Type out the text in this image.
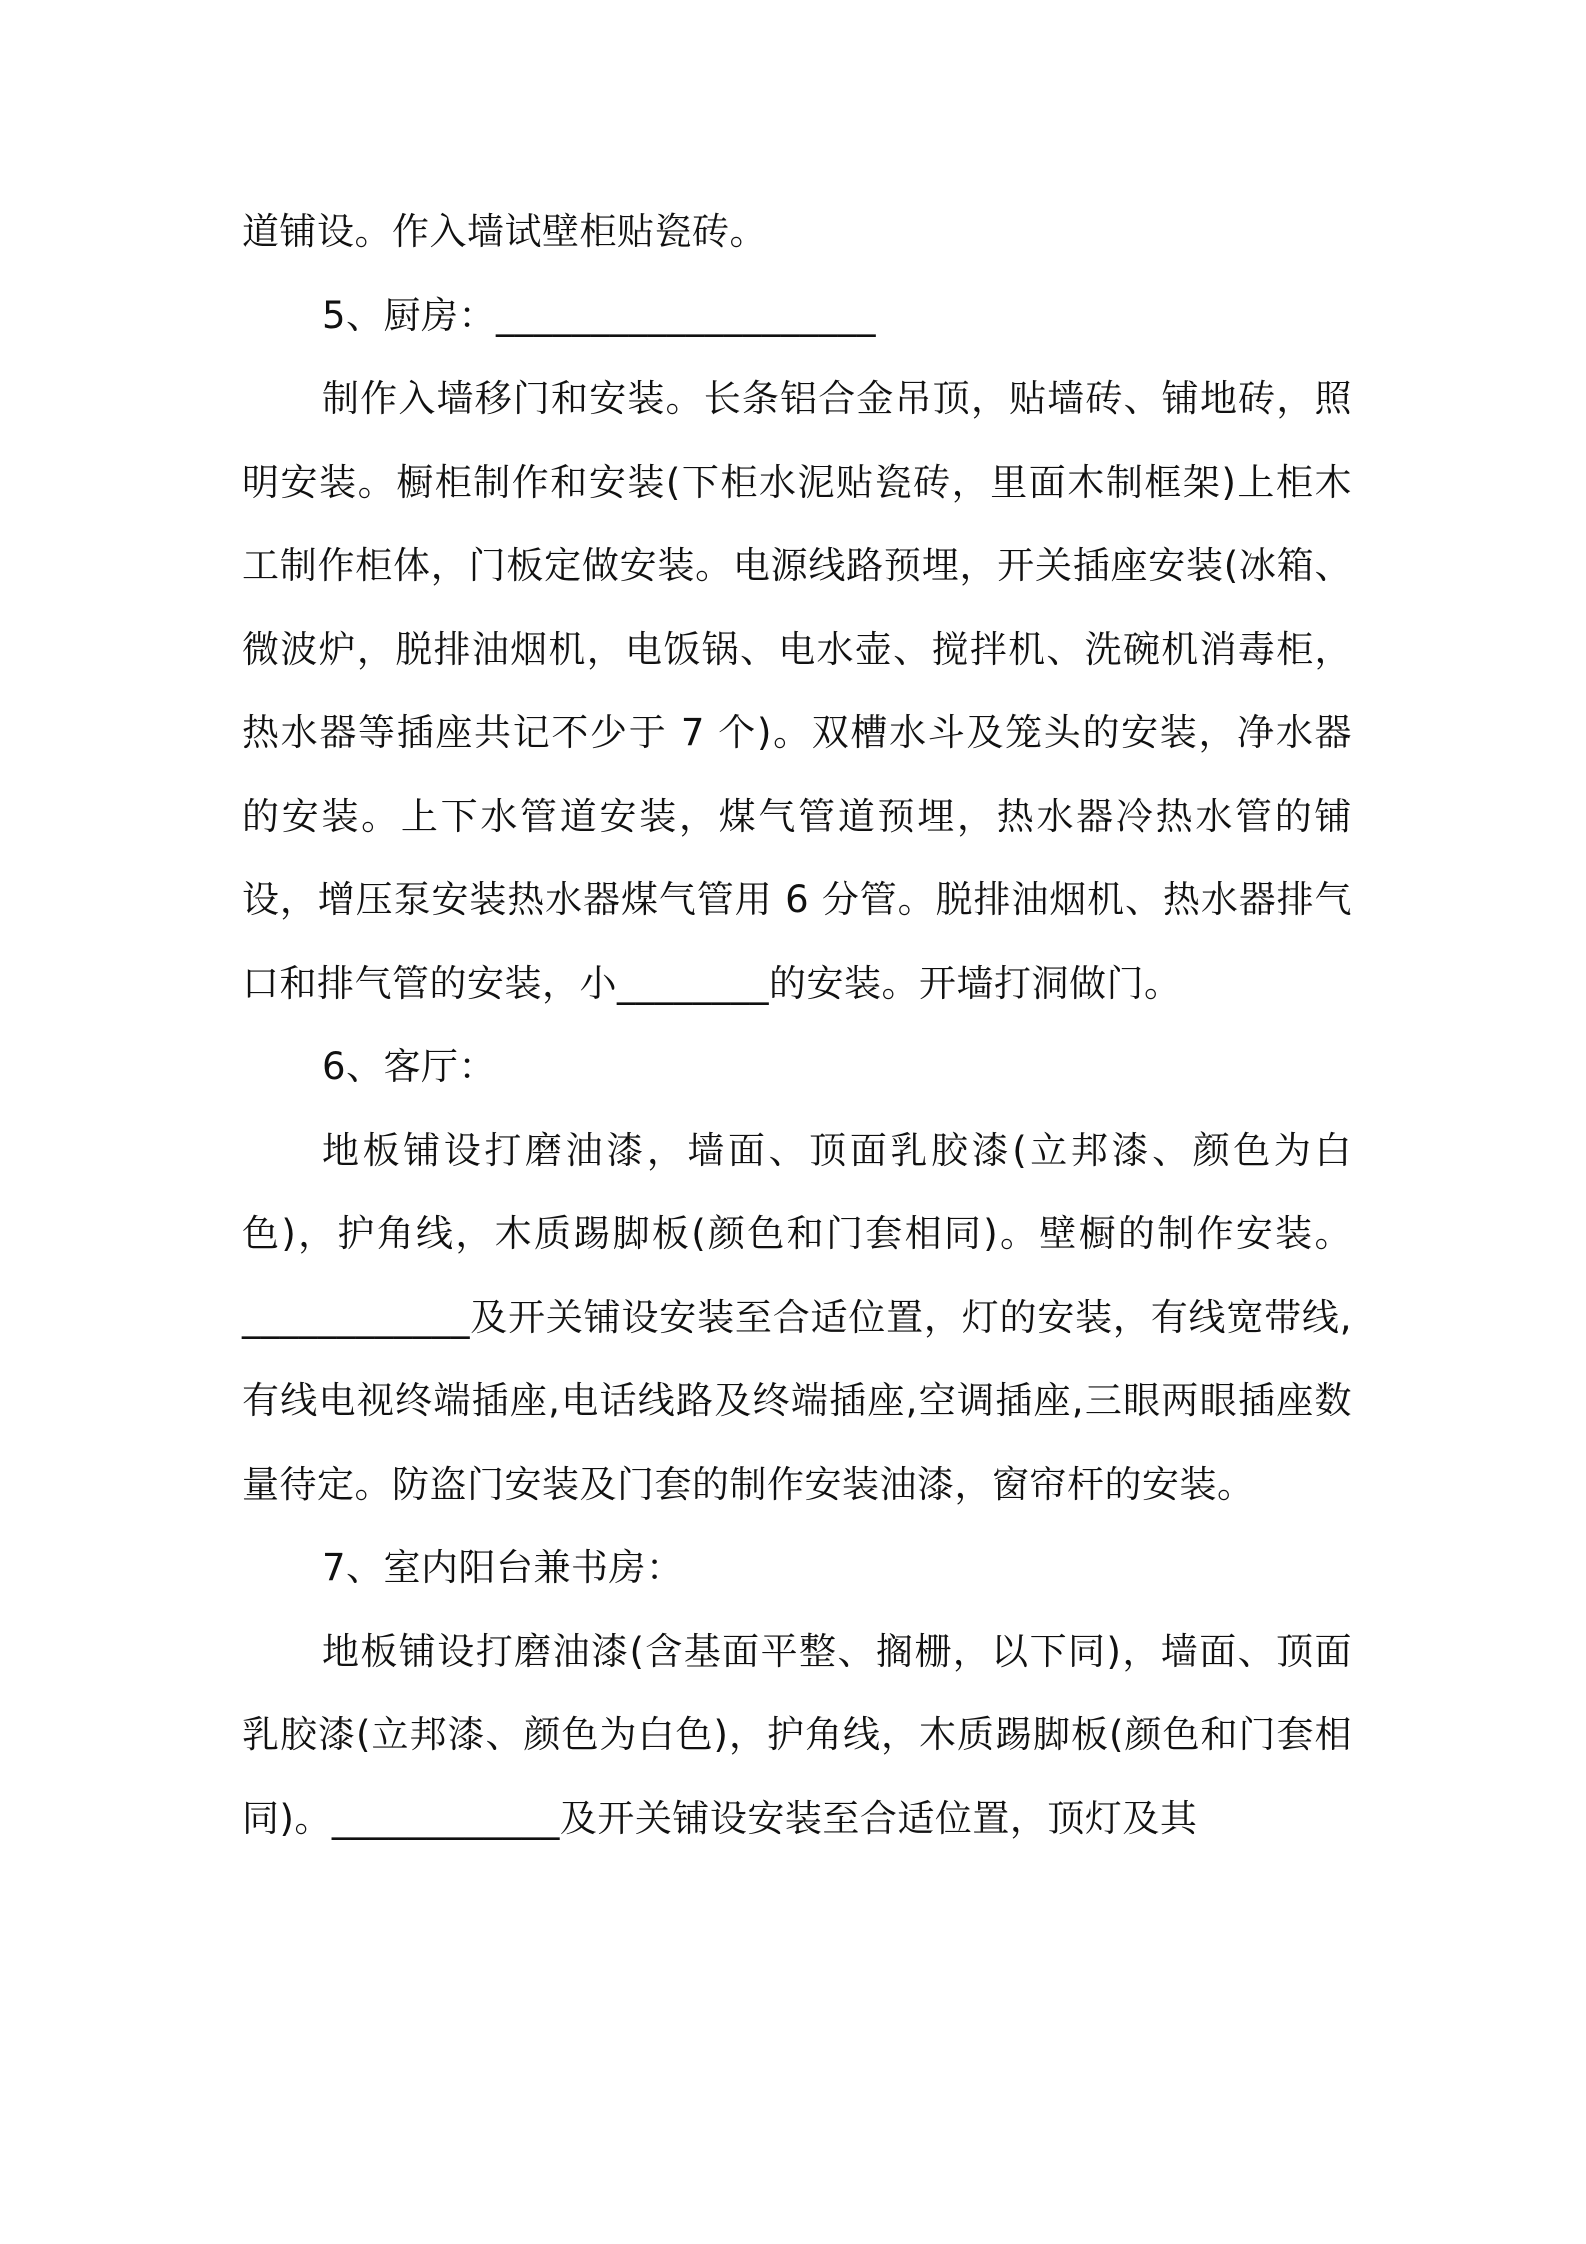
道铺设。作入墙试壁柜贴瓷砖。

5、厨房：____________________

制作入墙移门和安装。长条铝合金吊顶，贴墙砖、铺地砖，照明安装。橱柜制作和安装(下柜水泥贴瓷砖，里面木制框架)上柜木工制作柜体，门板定做安装。电源线路预埋，开关插座安装(冰箱、微波炉，脱排油烟机，电饭锅、电水壶、搅拌机、洗碗机消毒柜，热水器等插座共记不少于 7 个)。双槽水斗及笼头的安装，净水器的安装。上下水管道安装，煤气管道预埋，热水器冷热水管的铺设，增压泵安装热水器煤气管用 6 分管。脱排油烟机、热水器排气口和排气管的安装，小________的安装。开墙打洞做门。

6、客厅：

地板铺设打磨油漆，墙面、顶面乳胶漆(立邦漆、颜色为白色)，护角线，木质踢脚板(颜色和门套相同)。壁橱的制作安装。____________及开关铺设安装至合适位置，灯的安装，有线宽带线,有线电视终端插座,电话线路及终端插座,空调插座,三眼两眼插座数量待定。防盗门安装及门套的制作安装油漆，窗帘杆的安装。

7、室内阳台兼书房：

地板铺设打磨油漆(含基面平整、搁栅，以下同)，墙面、顶面乳胶漆(立邦漆、颜色为白色)，护角线，木质踢脚板(颜色和门套相同)。____________及开关铺设安装至合适位置，顶灯及其
